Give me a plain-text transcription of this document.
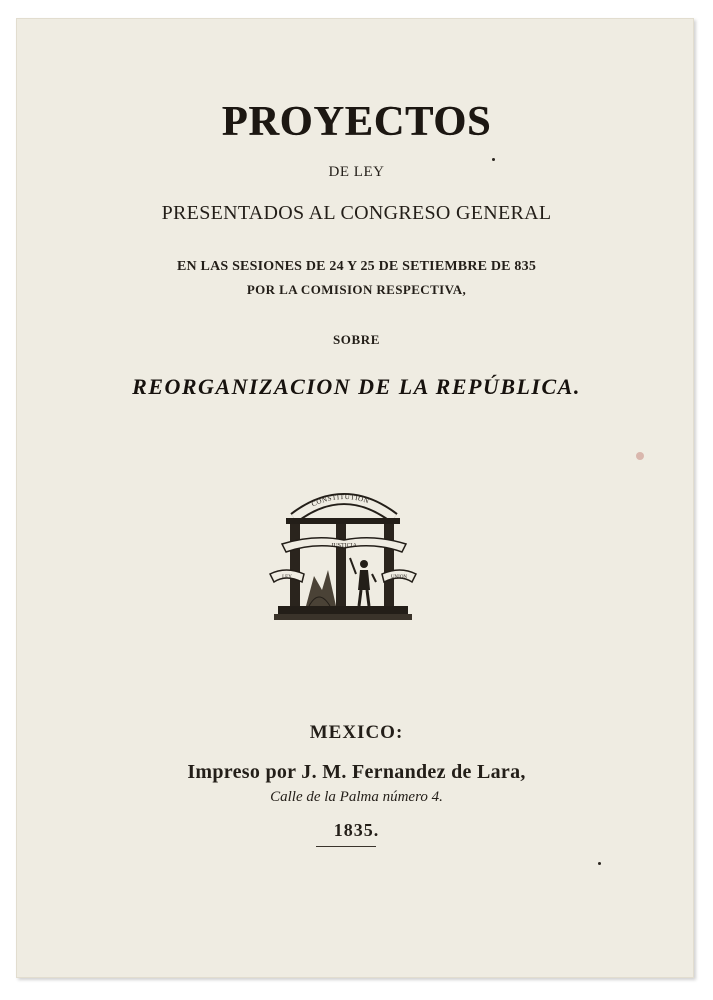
PROYECTOS
DE LEY
PRESENTADOS AL CONGRESO GENERAL
EN LAS SESIONES DE 24 Y 25 DE SETIEMBRE DE 835
POR LA COMISION RESPECTIVA,
SOBRE
REORGANIZACION DE LA REPÚBLICA.
CONSTITUTION
JUSTICIA
LEY	UNION
MEXICO:
Impreso por J. M. Fernandez de Lara,
Calle de la Palma número 4.
1835.
